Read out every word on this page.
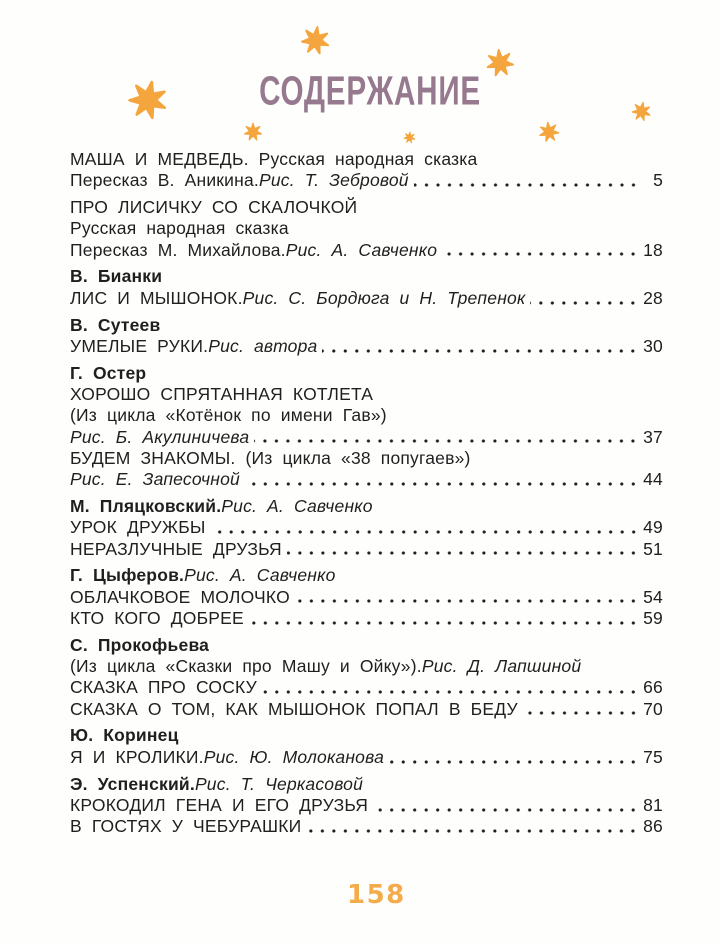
СОДЕРЖАНИЕ
МАША И МЕДВЕДЬ. Русская народная сказка
Пересказ В. Аникина. Рис. Т. Зебровой	5
ПРО ЛИСИЧКУ СО СКАЛОЧКОЙ
Русская народная сказка
Пересказ М. Михайлова. Рис. А. Савченко	18
В. Бианки
ЛИС И МЫШОНОК. Рис. С. Бордюга и Н. Трепенок	28
В. Сутеев
УМЕЛЫЕ РУКИ. Рис. автора	30
Г. Остер
ХОРОШО СПРЯТАННАЯ КОТЛЕТА
(Из цикла «Котёнок по имени Гав»)
Рис. Б. Акулиничева	37
БУДЕМ ЗНАКОМЫ. (Из цикла «38 попугаев»)
Рис. Е. Запесочной	44
М. Пляцковский. Рис. А. Савченко
УРОК ДРУЖБЫ	49
НЕРАЗЛУЧНЫЕ ДРУЗЬЯ	51
Г. Цыферов. Рис. А. Савченко
ОБЛАЧКОВОЕ МОЛОЧКО	54
КТО КОГО ДОБРЕЕ	59
С. Прокофьева
(Из цикла «Сказки про Машу и Ойку»). Рис. Д. Лапшиной
СКАЗКА ПРО СОСКУ	66
СКАЗКА О ТОМ, КАК МЫШОНОК ПОПАЛ В БЕДУ	70
Ю. Коринец
Я И КРОЛИКИ. Рис. Ю. Молоканова	75
Э. Успенский. Рис. Т. Черкасовой
КРОКОДИЛ ГЕНА И ЕГО ДРУЗЬЯ	81
В ГОСТЯХ У ЧЕБУРАШКИ	86
158
